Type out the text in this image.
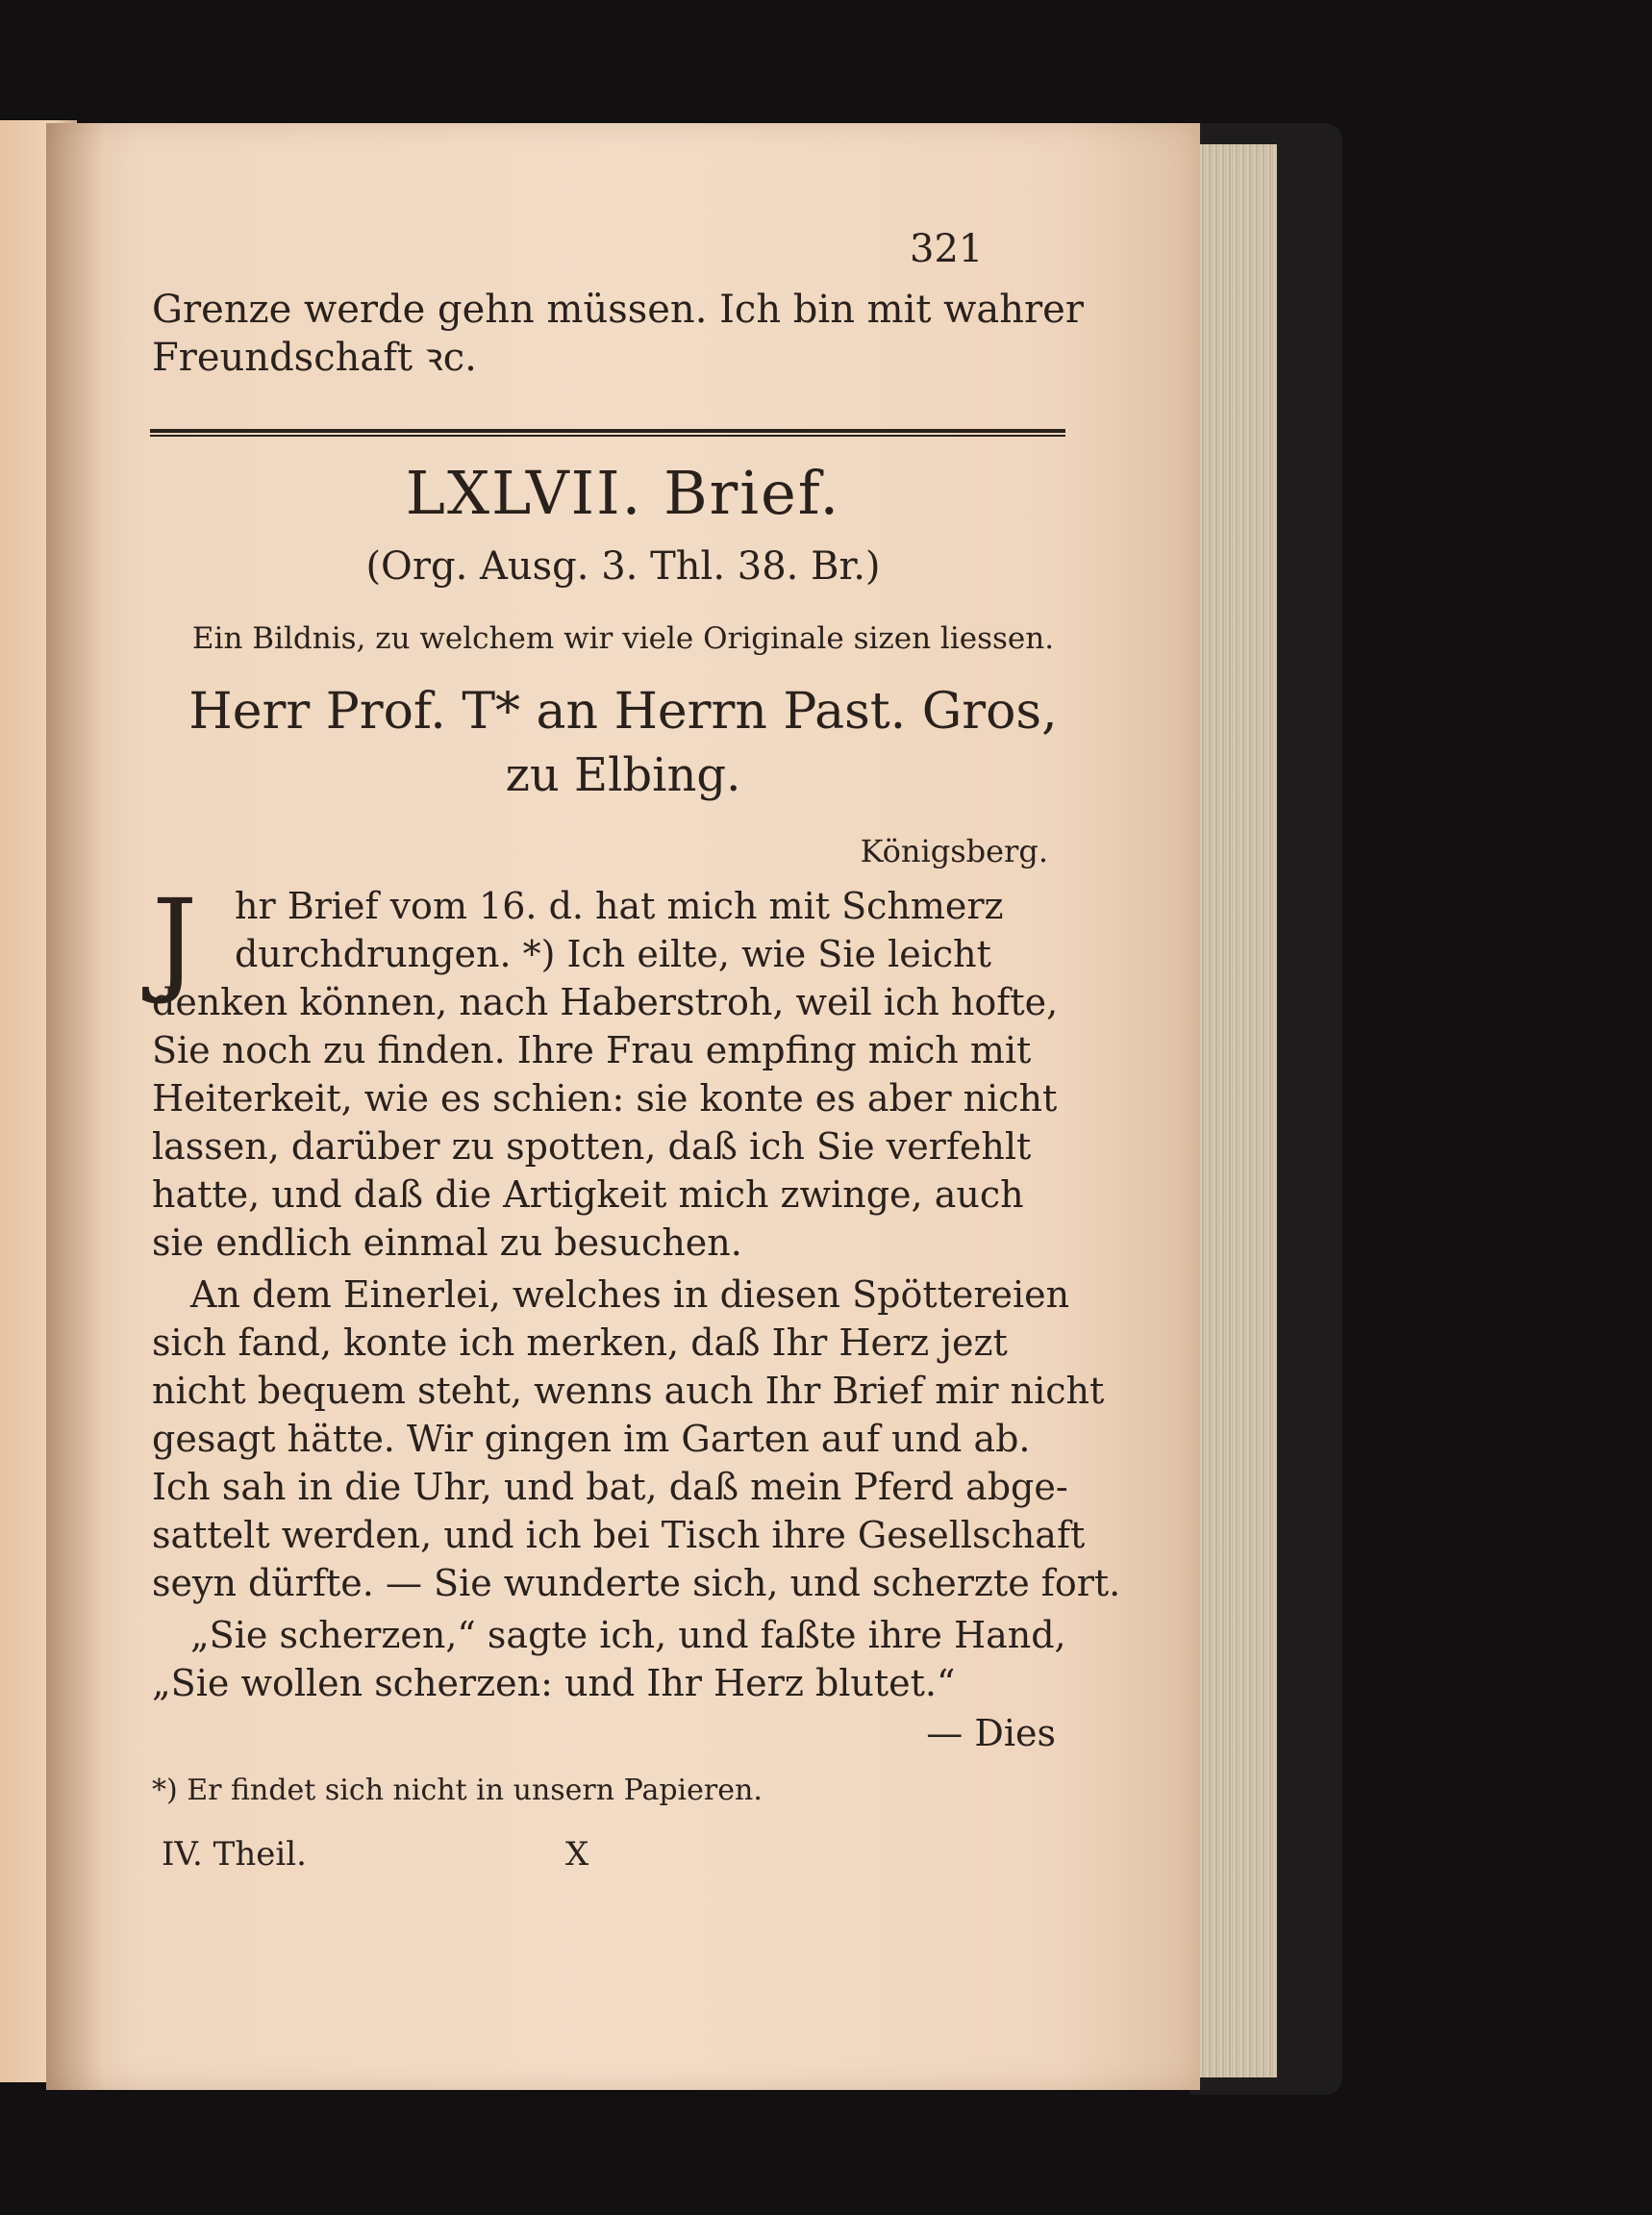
321
Grenze werde gehn müssen. Ich bin mit wahrer
Freundschaft ꝛc.
LXLVII. Brief.
(Org. Ausg. 3. Thl. 38. Br.)
Ein Bildnis, zu welchem wir viele Originale sizen liessen.
Herr Prof. T* an Herrn Past. Gros,
zu Elbing.
Königsberg.
J hr Brief vom 16. d. hat mich mit Schmerz
durchdrungen. *) Ich eilte, wie Sie leicht
denken können, nach Haberstroh, weil ich hofte,
Sie noch zu finden. Ihre Frau empfing mich mit
Heiterkeit, wie es schien: sie konte es aber nicht
lassen, darüber zu spotten, daß ich Sie verfehlt
hatte, und daß die Artigkeit mich zwinge, auch
sie endlich einmal zu besuchen.
An dem Einerlei, welches in diesen Spöttereien
sich fand, konte ich merken, daß Ihr Herz jezt
nicht bequem steht, wenns auch Ihr Brief mir nicht
gesagt hätte. Wir gingen im Garten auf und ab.
Ich sah in die Uhr, und bat, daß mein Pferd abge-
sattelt werden, und ich bei Tisch ihre Gesellschaft
seyn dürfte. — Sie wunderte sich, und scherzte fort.
„Sie scherzen,“ sagte ich, und faßte ihre Hand,
„Sie wollen scherzen: und Ihr Herz blutet.“
— Dies
*) Er findet sich nicht in unsern Papieren.
IV. Theil.	X
